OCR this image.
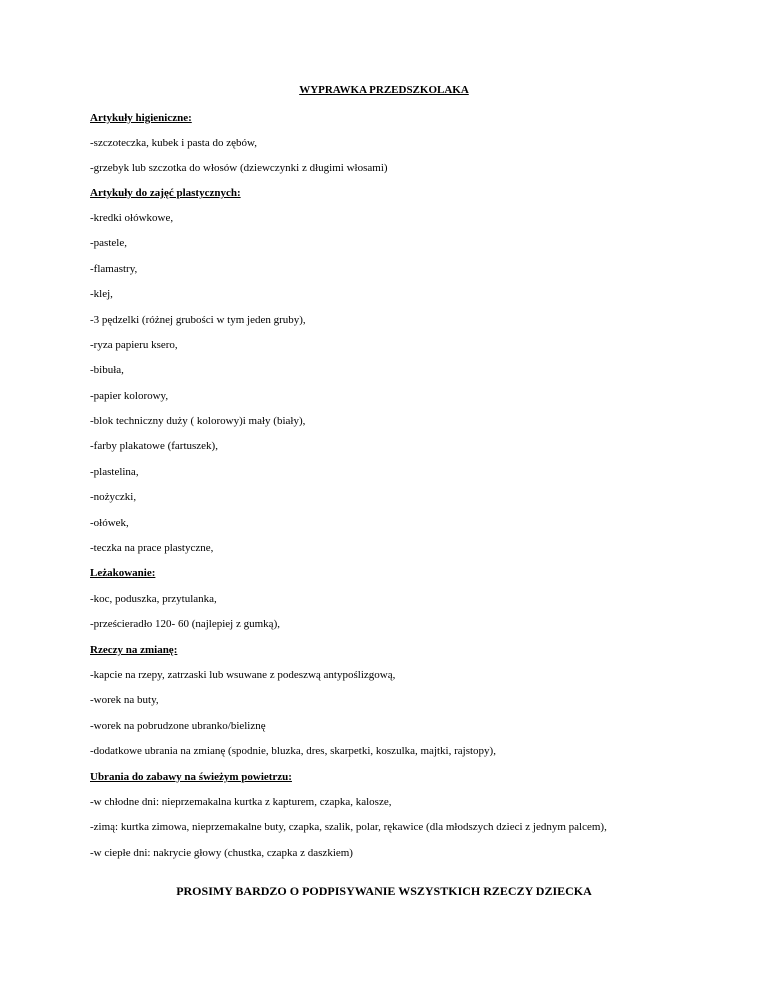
WYPRAWKA PRZEDSZKOLAKA
Artykuły higieniczne:
-szczoteczka, kubek i pasta do zębów,
-grzebyk lub szczotka do włosów (dziewczynki z długimi włosami)
Artykuły do zajęć plastycznych:
-kredki ołówkowe,
-pastele,
-flamastry,
-klej,
-3 pędzelki (różnej grubości w tym jeden gruby),
-ryza papieru ksero,
-bibuła,
-papier kolorowy,
-blok techniczny duży ( kolorowy)i mały (biały),
-farby plakatowe (fartuszek),
-plastelina,
-nożyczki,
-ołówek,
-teczka na prace plastyczne,
Leżakowanie:
-koc, poduszka, przytulanka,
-prześcieradło 120- 60 (najlepiej z gumką),
Rzeczy na zmianę:
-kapcie na rzepy, zatrzaski lub wsuwane z podeszwą antypoślizgową,
-worek na buty,
-worek na pobrudzone ubranko/bieliznę
-dodatkowe ubrania na zmianę (spodnie, bluzka, dres, skarpetki, koszulka, majtki, rajstopy),
Ubrania do zabawy na świeżym powietrzu:
-w chłodne dni: nieprzemakalna kurtka z kapturem, czapka, kalosze,
-zimą: kurtka zimowa, nieprzemakalne buty, czapka, szalik, polar, rękawice (dla młodszych dzieci z jednym palcem),
-w ciepłe dni: nakrycie głowy (chustka, czapka z daszkiem)
PROSIMY BARDZO O PODPISYWANIE WSZYSTKICH RZECZY DZIECKA
